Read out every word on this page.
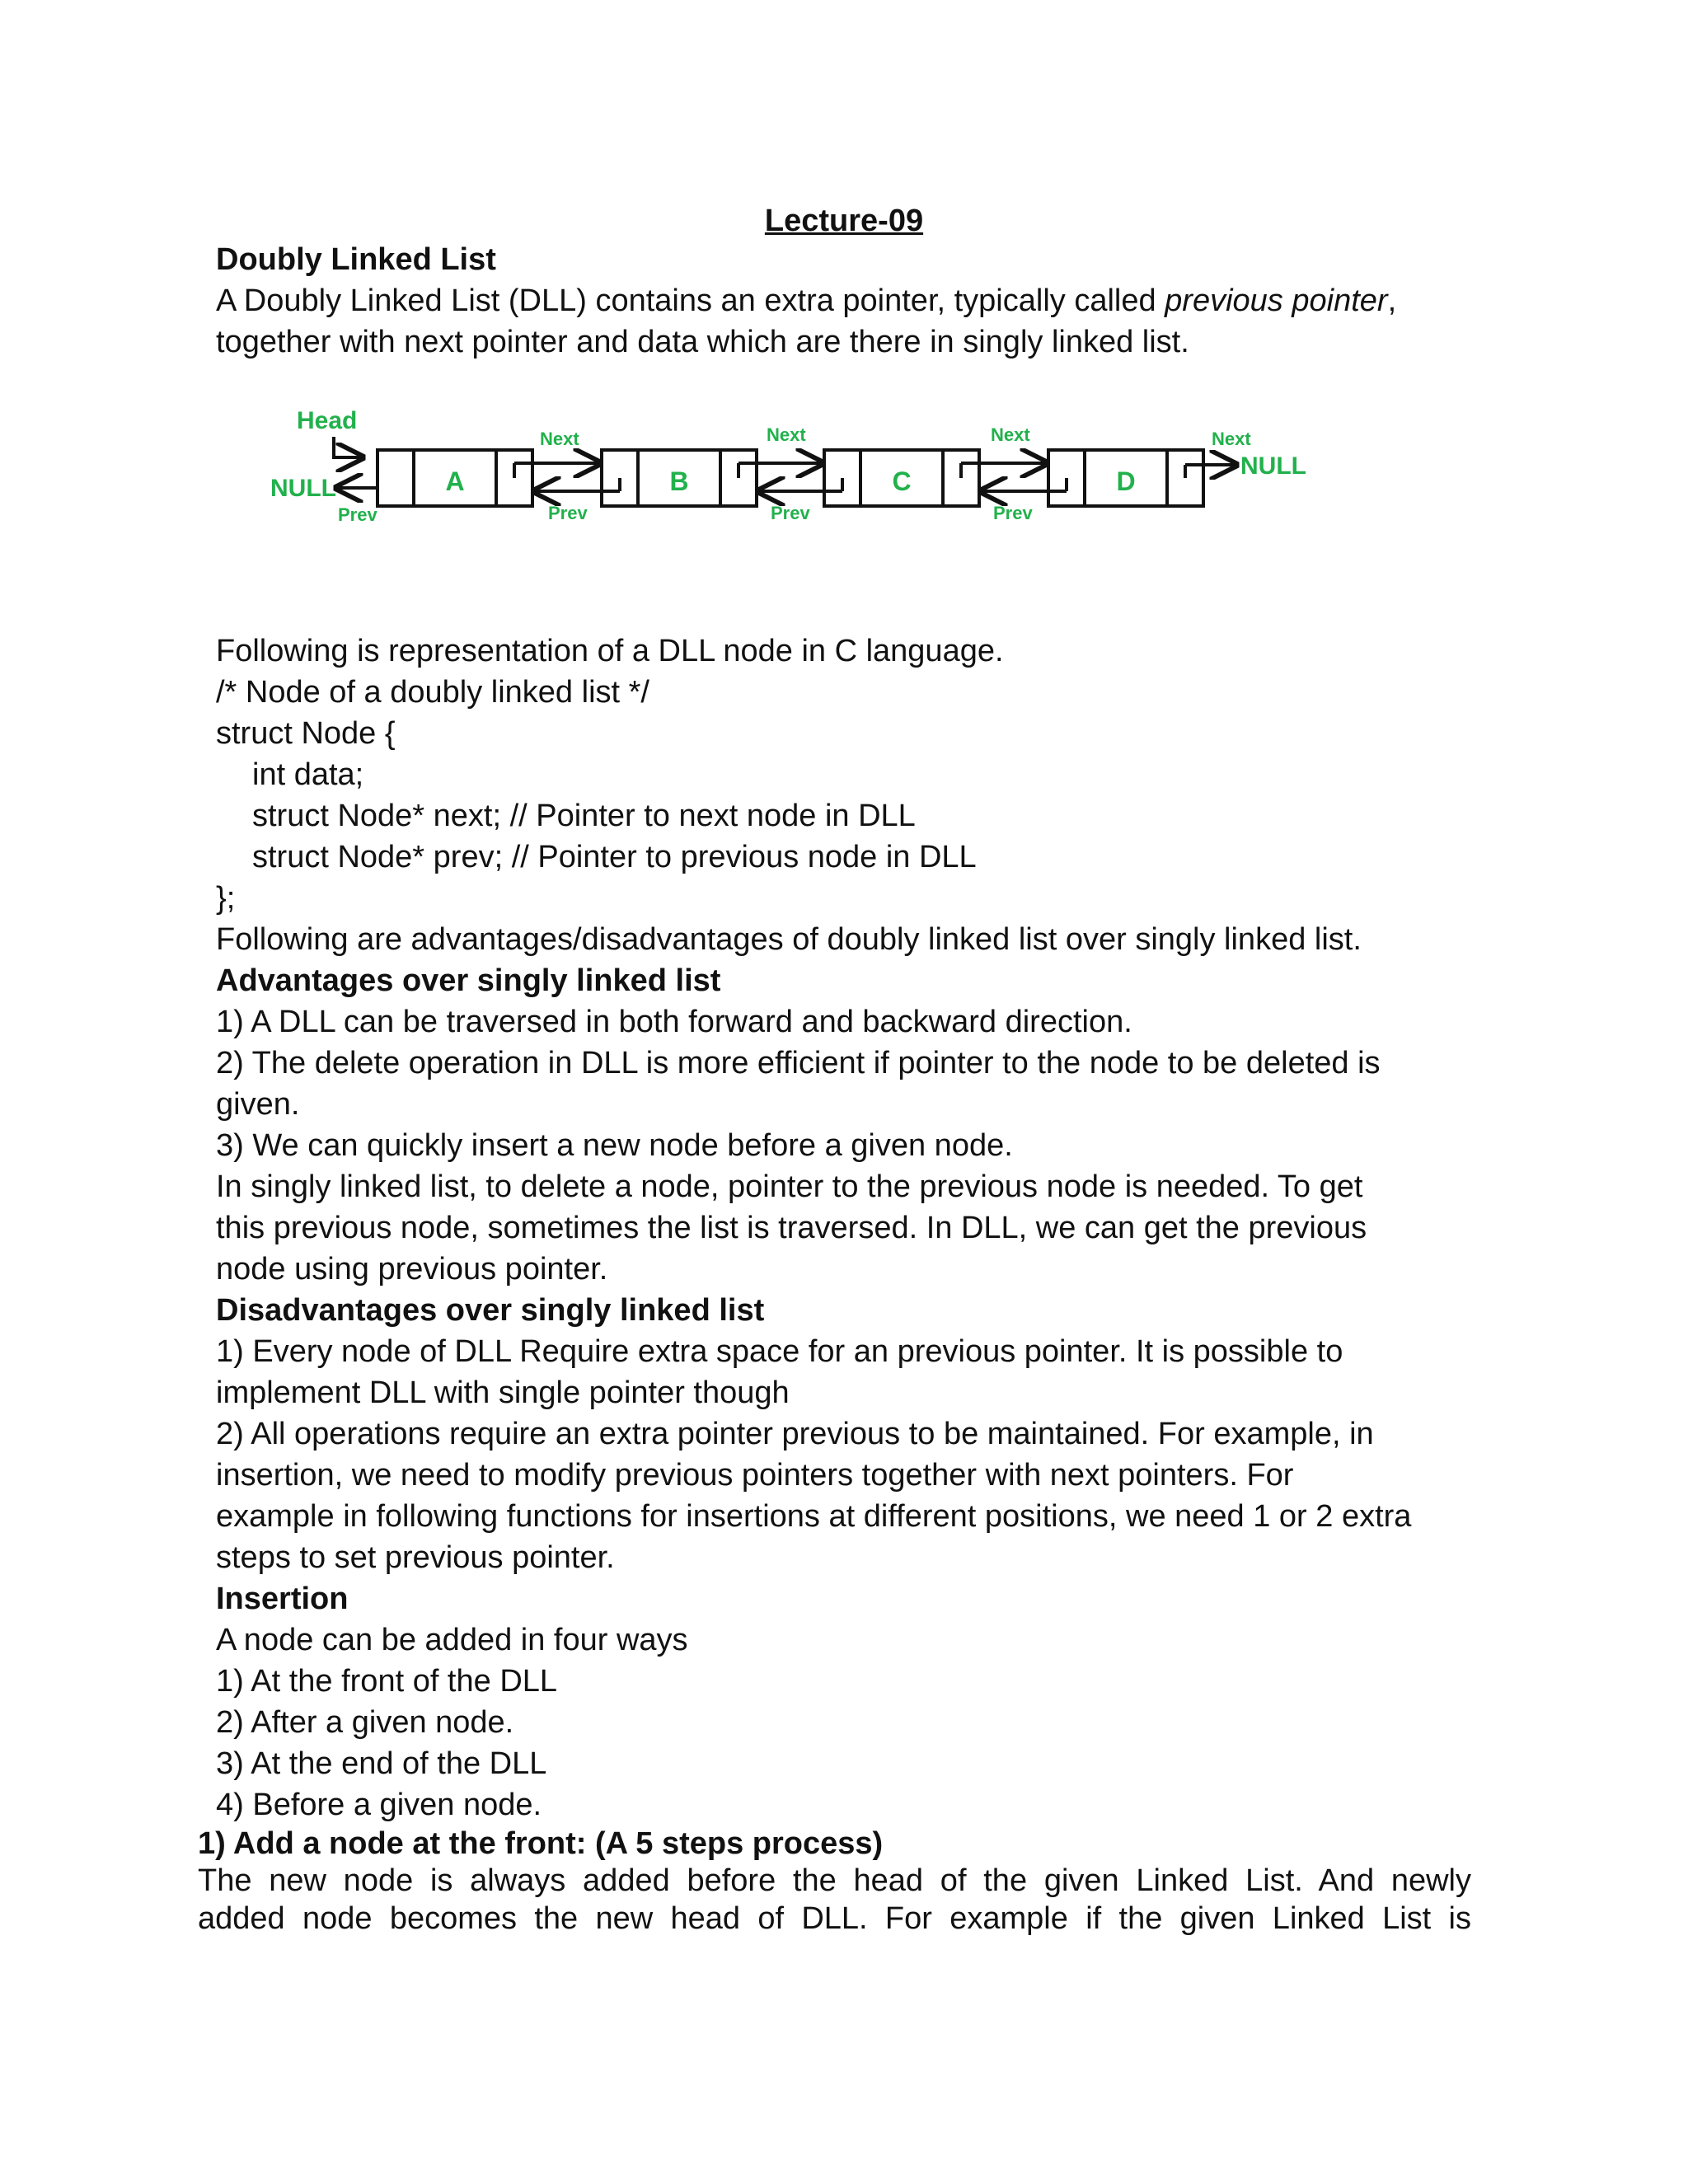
Lecture-09
Doubly Linked List
A Doubly Linked List (DLL) contains an extra pointer, typically called previous pointer,
together with next pointer and data which are there in singly linked list.
Head
NULL
Prev
A	B	C	D
Next
Prev
Next
Prev
Next
Prev
Next
NULL
Following is representation of a DLL node in C language.
/* Node of a doubly linked list */
struct Node {
int data;
struct Node* next; // Pointer to next node in DLL
struct Node* prev; // Pointer to previous node in DLL
};
Following are advantages/disadvantages of doubly linked list over singly linked list.
Advantages over singly linked list
1) A DLL can be traversed in both forward and backward direction.
2) The delete operation in DLL is more efficient if pointer to the node to be deleted is
given.
3) We can quickly insert a new node before a given node.
In singly linked list, to delete a node, pointer to the previous node is needed. To get
this previous node, sometimes the list is traversed. In DLL, we can get the previous
node using previous pointer.
Disadvantages over singly linked list
1) Every node of DLL Require extra space for an previous pointer. It is possible to
implement DLL with single pointer though
2) All operations require an extra pointer previous to be maintained. For example, in
insertion, we need to modify previous pointers together with next pointers. For
example in following functions for insertions at different positions, we need 1 or 2 extra
steps to set previous pointer.
Insertion
A node can be added in four ways
1) At the front of the DLL
2) After a given node.
3) At the end of the DLL
4) Before a given node.
1) Add a node at the front: (A 5 steps process)
The new node is always added before the head of the given Linked List. And newly
added node becomes the new head of DLL. For example if the given Linked List is
